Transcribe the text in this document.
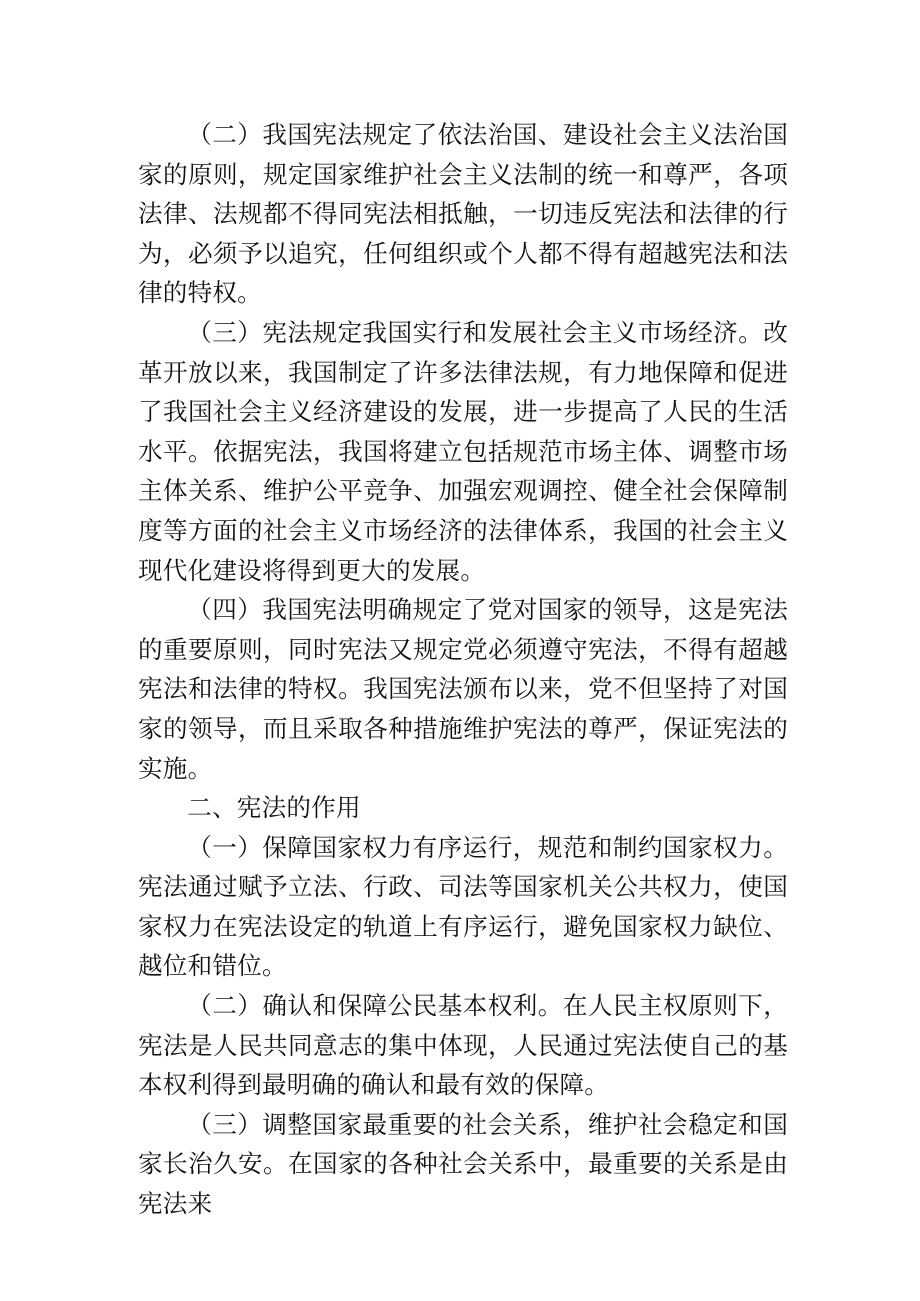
（二）我国宪法规定了依法治国、建设社会主义法治国家的原则，规定国家维护社会主义法制的统一和尊严，各项法律、法规都不得同宪法相抵触，一切违反宪法和法律的行为，必须予以追究，任何组织或个人都不得有超越宪法和法律的特权。

（三）宪法规定我国实行和发展社会主义市场经济。改革开放以来，我国制定了许多法律法规，有力地保障和促进了我国社会主义经济建设的发展，进一步提高了人民的生活水平。依据宪法，我国将建立包括规范市场主体、调整市场主体关系、维护公平竞争、加强宏观调控、健全社会保障制度等方面的社会主义市场经济的法律体系，我国的社会主义现代化建设将得到更大的发展。

（四）我国宪法明确规定了党对国家的领导，这是宪法的重要原则，同时宪法又规定党必须遵守宪法，不得有超越宪法和法律的特权。我国宪法颁布以来，党不但坚持了对国家的领导，而且采取各种措施维护宪法的尊严，保证宪法的实施。

二、宪法的作用

（一）保障国家权力有序运行，规范和制约国家权力。宪法通过赋予立法、行政、司法等国家机关公共权力，使国家权力在宪法设定的轨道上有序运行，避免国家权力缺位、越位和错位。

（二）确认和保障公民基本权利。在人民主权原则下，宪法是人民共同意志的集中体现，人民通过宪法使自己的基本权利得到最明确的确认和最有效的保障。

（三）调整国家最重要的社会关系，维护社会稳定和国家长治久安。在国家的各种社会关系中，最重要的关系是由宪法来
